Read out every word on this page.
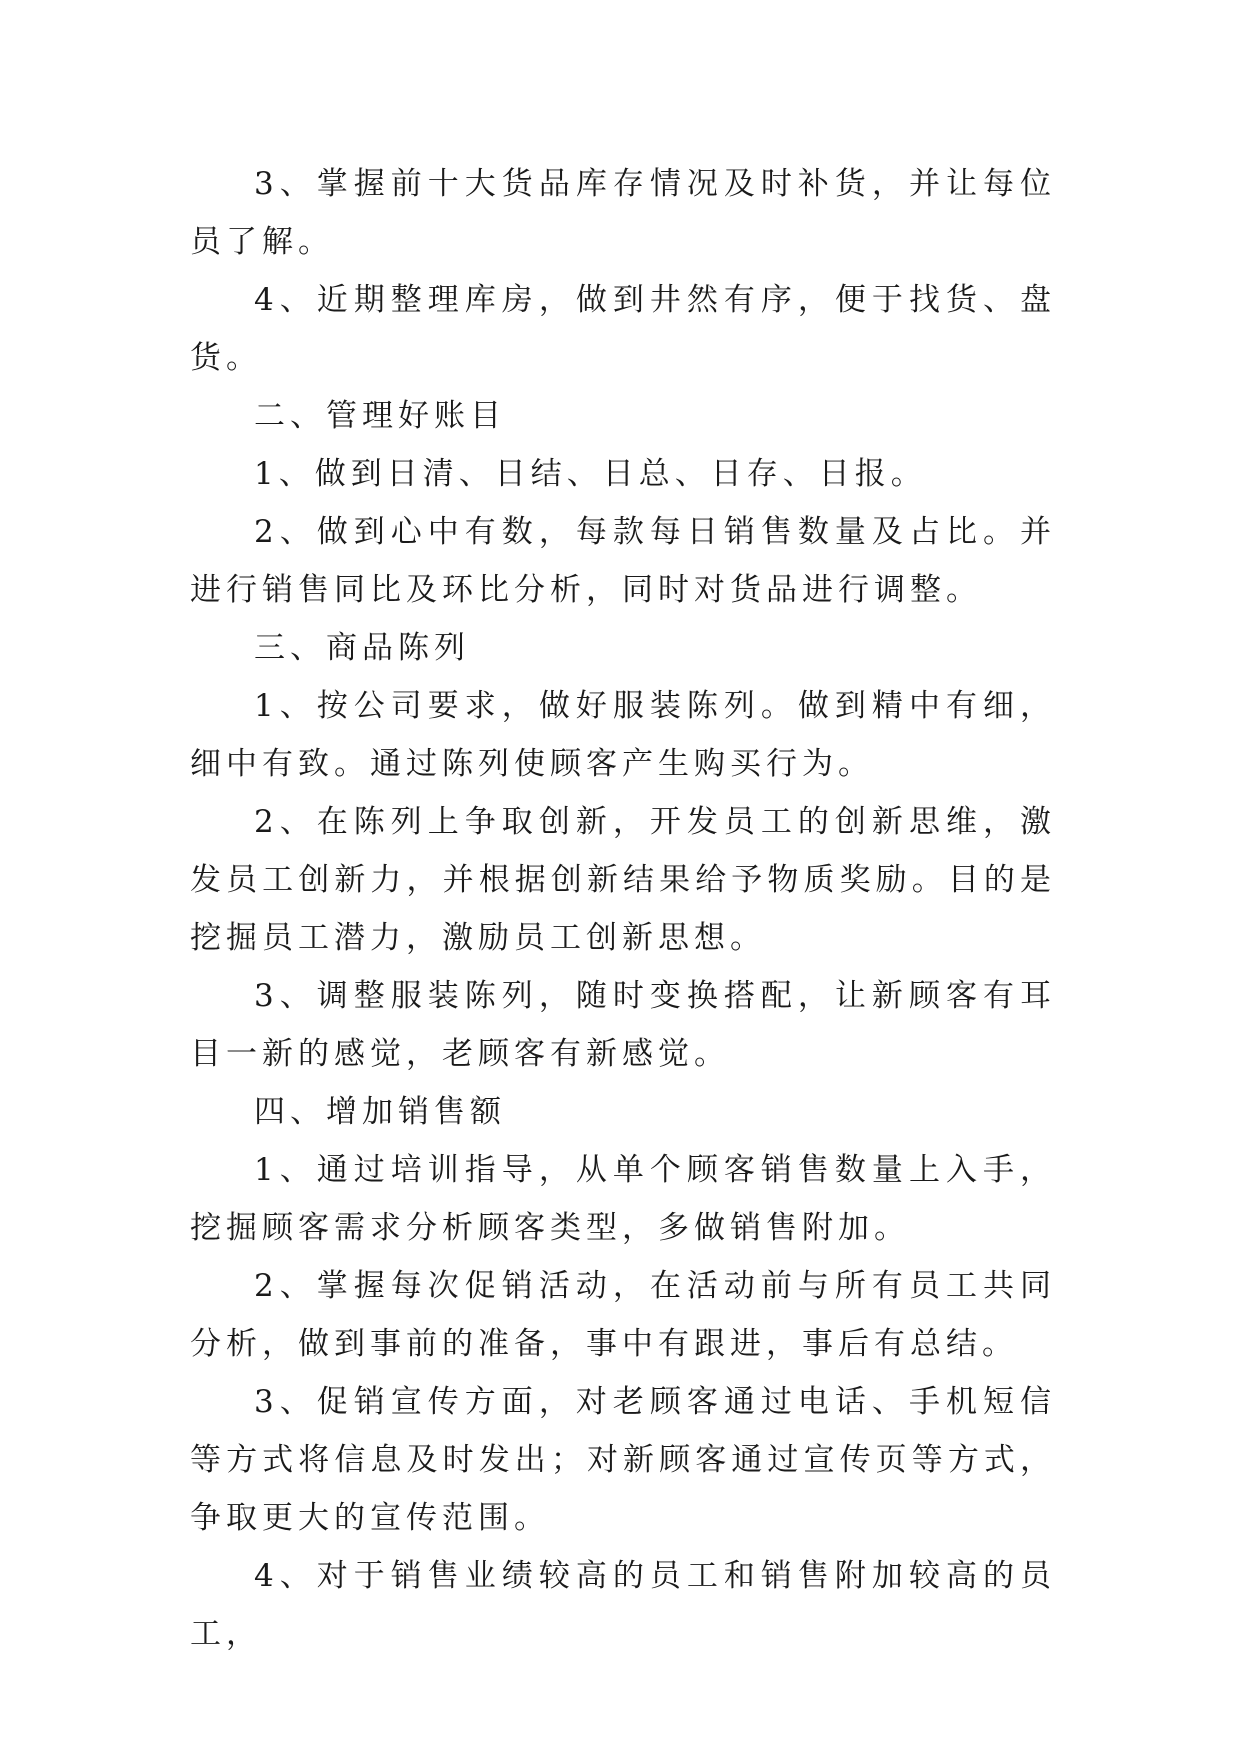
3、掌握前十大货品库存情况及时补货，并让每位员了解。

4、近期整理库房，做到井然有序，便于找货、盘货。

二、管理好账目

1、做到日清、日结、日总、日存、日报。

2、做到心中有数，每款每日销售数量及占比。并进行销售同比及环比分析，同时对货品进行调整。

三、商品陈列

1、按公司要求，做好服装陈列。做到精中有细，细中有致。通过陈列使顾客产生购买行为。

2、在陈列上争取创新，开发员工的创新思维，激发员工创新力，并根据创新结果给予物质奖励。目的是挖掘员工潜力，激励员工创新思想。

3、调整服装陈列，随时变换搭配，让新顾客有耳目一新的感觉，老顾客有新感觉。

四、增加销售额

1、通过培训指导，从单个顾客销售数量上入手，挖掘顾客需求分析顾客类型，多做销售附加。

2、掌握每次促销活动，在活动前与所有员工共同分析，做到事前的准备，事中有跟进，事后有总结。

3、促销宣传方面，对老顾客通过电话、手机短信等方式将信息及时发出；对新顾客通过宣传页等方式，争取更大的宣传范围。

4、对于销售业绩较高的员工和销售附加较高的员工，
